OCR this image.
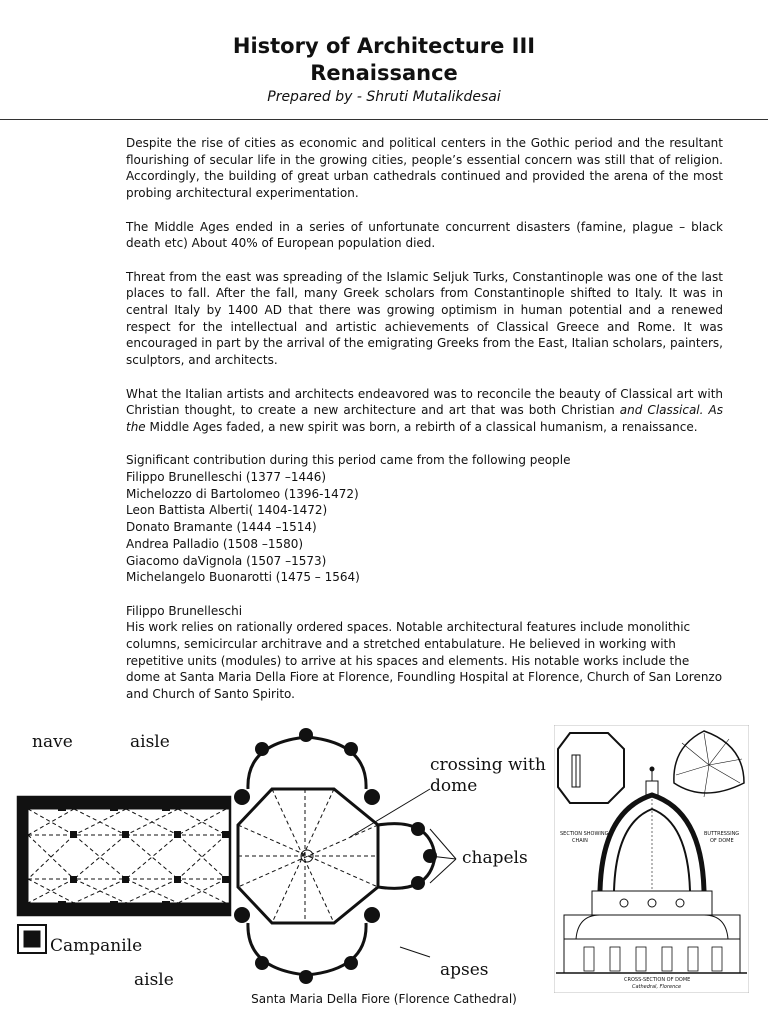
History of Architecture III
Renaissance
Prepared by - Shruti Mutalikdesai

Despite the rise of cities as economic and political centers in the Gothic period and the resultant flourishing of secular life in the growing cities, people’s essential concern was still that of religion. Accordingly, the building of great urban cathedrals continued and provided the arena of the most probing architectural experimentation.

The Middle Ages ended in a series of unfortunate concurrent disasters (famine, plague – black death etc) About 40% of European population died.

Threat from the east was spreading of the Islamic Seljuk Turks, Constantinople was one of the last places to fall. After the fall, many Greek scholars from Constantinople shifted to Italy. It was in central Italy by 1400 AD that there was growing optimism in human potential and a renewed respect for the intellectual and artistic achievements of Classical Greece and Rome. It was encouraged in part by the arrival of the emigrating Greeks from the East, Italian scholars, painters, sculptors, and architects.

What the Italian artists and architects endeavored was to reconcile the beauty of Classical art with Christian thought, to create a new architecture and art that was both Christian and Classical. As the Middle Ages faded, a new spirit was born, a rebirth of a classical humanism, a renaissance.

Significant contribution during this period came from the following people
Filippo Brunelleschi (1377 –1446)
Michelozzo di Bartolomeo (1396-1472)
Leon Battista Alberti( 1404-1472)
Donato Bramante (1444 –1514)
Andrea Palladio (1508 –1580)
Giacomo daVignola (1507 –1573)
Michelangelo Buonarotti (1475 – 1564)
Filippo Brunelleschi

His work relies on rationally ordered spaces. Notable architectural features include monolithic columns, semicircular architrave and a stretched entabulature. He believed in working with repetitive units (modules) to arrive at his spaces and elements. His notable works include the dome at Santa Maria Della Fiore at Florence, Foundling Hospital at Florence, Church of San Lorenzo and Church of Santo Spirito.

nave	aisle
crossing with
dome
chapels
Campanile
aisle	apses
SECTION SHOWING
CHAIN
BUTTRESSING
OF DOME
CROSS-SECTION OF DOME
Cathedral, Florence
Santa Maria Della Fiore (Florence Cathedral)
